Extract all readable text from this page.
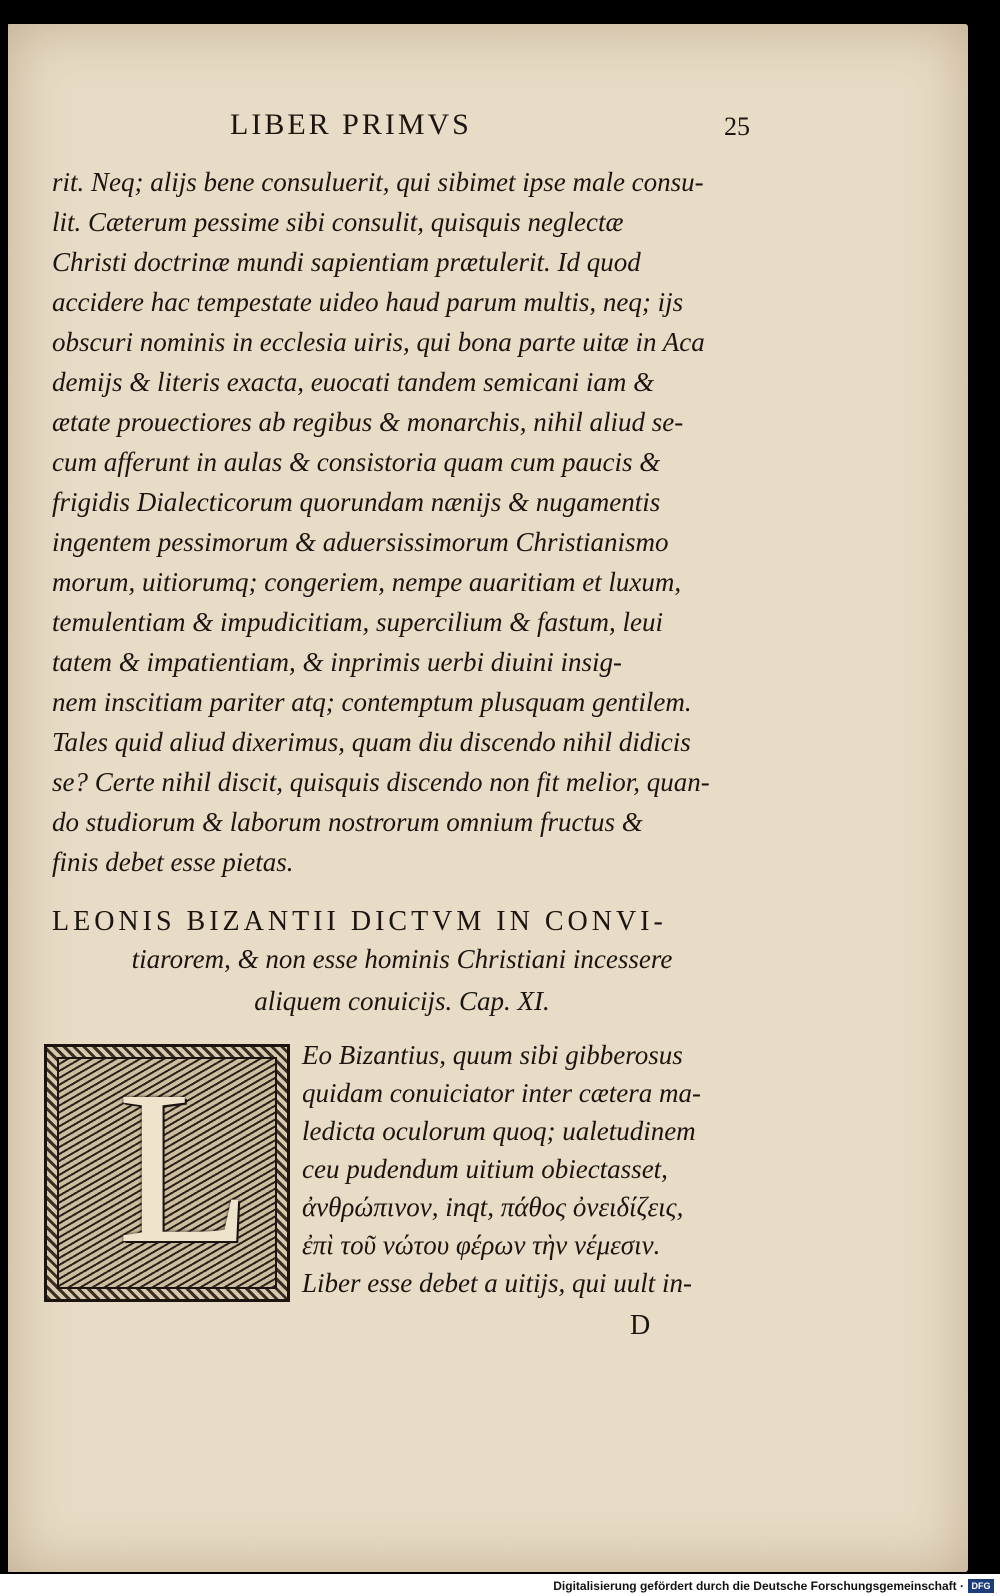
LIBER PRIMVS	25
rit. Neq; alijs bene consuluerit, qui sibimet ipse male consu-
lit. Cæterum pessime sibi consulit, quisquis neglectæ
Christi doctrinæ mundi sapientiam prætulerit. Id quod
accidere hac tempestate uideo haud parum multis, neq; ijs
obscuri nominis in ecclesia uiris, qui bona parte uitæ in Aca
demijs & literis exacta, euocati tandem semicani iam &
ætate prouectiores ab regibus & monarchis, nihil aliud se-
cum afferunt in aulas & consistoria quam cum paucis &
frigidis Dialecticorum quorundam nænijs & nugamentis
ingentem pessimorum & aduersissimorum Christianismo
morum, uitiorumq; congeriem, nempe auaritiam et luxum,
temulentiam & impudicitiam, supercilium & fastum, leui
tatem & impatientiam, & inprimis uerbi diuini insig-
nem inscitiam pariter atq; contemptum plusquam gentilem.
Tales quid aliud dixerimus, quam diu discendo nihil didicis
se? Certe nihil discit, quisquis discendo non fit melior, quan-
do studiorum & laborum nostrorum omnium fructus &
finis debet esse pietas.
LEONIS BIZANTII DICTVM IN CONVI-
tiarorem, & non esse hominis Christiani incessere
aliquem conuicijs. Cap. XI.
L Eo Bizantius, quum sibi gibberosus
quidam conuiciator inter cætera ma-
ledicta oculorum quoq; ualetudinem
ceu pudendum uitium obiectasset,
ἀνθρώπινον, inqt, πάθος ὀνειδίζεις,
ἐπὶ τοῦ νώτου φέρων τὴν νέμεσιν.
Liber esse debet a uitijs, qui uult in-
D
Digitalisierung gefördert durch die Deutsche Forschungsgemeinschaft · DFG
